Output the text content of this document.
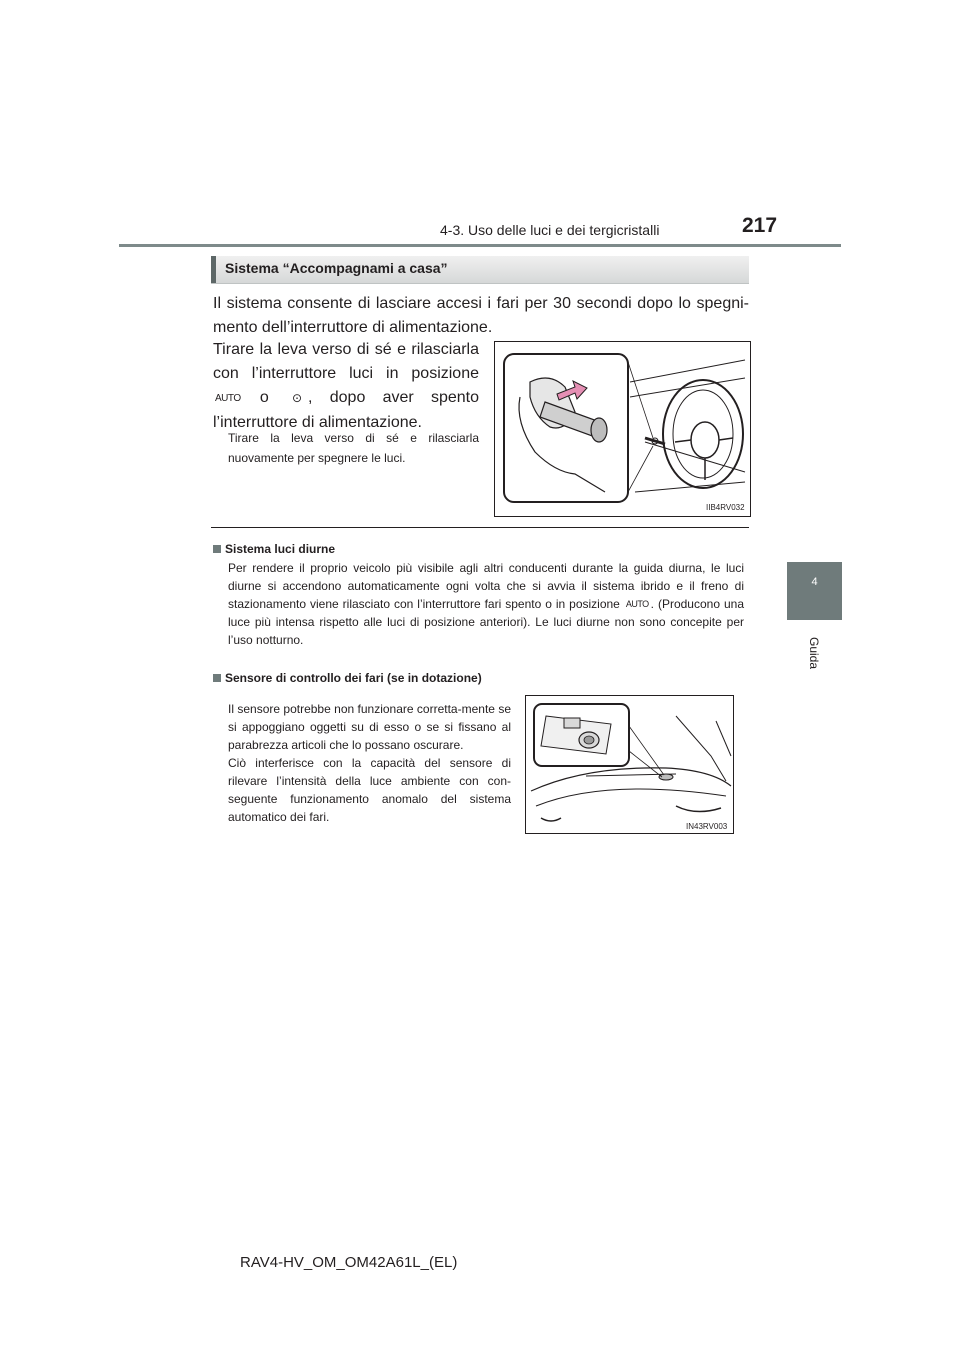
4-3. Uso delle luci e dei tergicristalli	217
4
Guida
Sistema “Accompagnami a casa”
Il sistema consente di lasciare accesi i fari per 30 secondi dopo lo spegni-mento dell’interruttore di alimentazione.
Tirare la leva verso di sé e rilasciarla con l’interruttore luci in posizione AUTO o ⊙ , dopo aver spento l’interruttore di alimentazione.
Tirare la leva verso di sé e rilasciarla nuovamente per spegnere le luci.
IIB4RV032
Sistema luci diurne
Per rendere il proprio veicolo più visibile agli altri conducenti durante la guida diurna, le luci diurne si accendono automaticamente ogni volta che si avvia il sistema ibrido e il freno di stazionamento viene rilasciato con l’interruttore fari spento o in posizione AUTO . (Producono una luce più intensa rispetto alle luci di posizione anteriori). Le luci diurne non sono concepite per l’uso notturno.
Sensore di controllo dei fari (se in dotazione)
Il sensore potrebbe non funzionare corretta-mente se si appoggiano oggetti su di esso o se si fissano al parabrezza articoli che lo possano oscurare.
Ciò interferisce con la capacità del sensore di rilevare l’intensità della luce ambiente con con-seguente funzionamento anomalo del sistema automatico dei fari.
IN43RV003
RAV4-HV_OM_OM42A61L_(EL)
